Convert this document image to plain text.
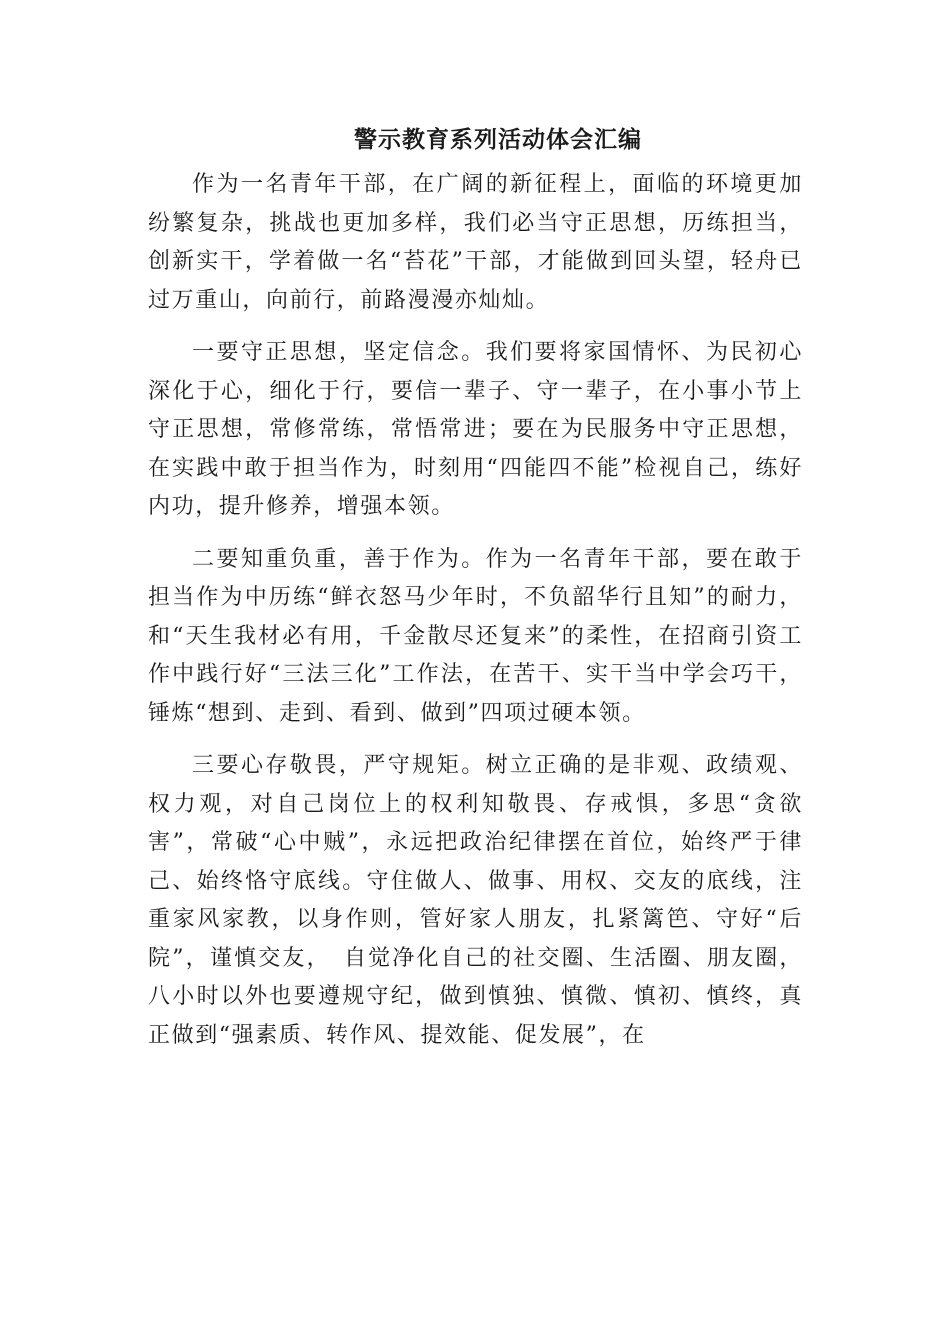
警示教育系列活动体会汇编

作为一名青年干部，在广阔的新征程上，面临的环境更加纷繁复杂，挑战也更加多样，我们必当守正思想，历练担当，创新实干，学着做一名“苔花”干部，才能做到回头望，轻舟已过万重山，向前行，前路漫漫亦灿灿。

一要守正思想，坚定信念。我们要将家国情怀、为民初心深化于心，细化于行，要信一辈子、守一辈子，在小事小节上守正思想，常修常练，常悟常进；要在为民服务中守正思想，在实践中敢于担当作为，时刻用“四能四不能”检视自己，练好内功，提升修养，增强本领。

二要知重负重，善于作为。作为一名青年干部，要在敢于担当作为中历练“鲜衣怒马少年时，不负韶华行且知”的耐力，和“天生我材必有用，千金散尽还复来”的柔性，在招商引资工作中践行好“三法三化”工作法，在苦干、实干当中学会巧干，锤炼“想到、走到、看到、做到”四项过硬本领。

三要心存敬畏，严守规矩。树立正确的是非观、政绩观、权力观，对自己岗位上的权利知敬畏、存戒惧，多思“贪欲害”，常破“心中贼”，永远把政治纪律摆在首位，始终严于律己、始终恪守底线。守住做人、做事、用权、交友的底线，注重家风家教，以身作则，管好家人朋友，扎紧篱笆、守好“后院”，谨慎交友，　自觉净化自己的社交圈、生活圈、朋友圈，八小时以外也要遵规守纪，做到慎独、慎微、慎初、慎终，真正做到“强素质、转作风、提效能、促发展”，在
